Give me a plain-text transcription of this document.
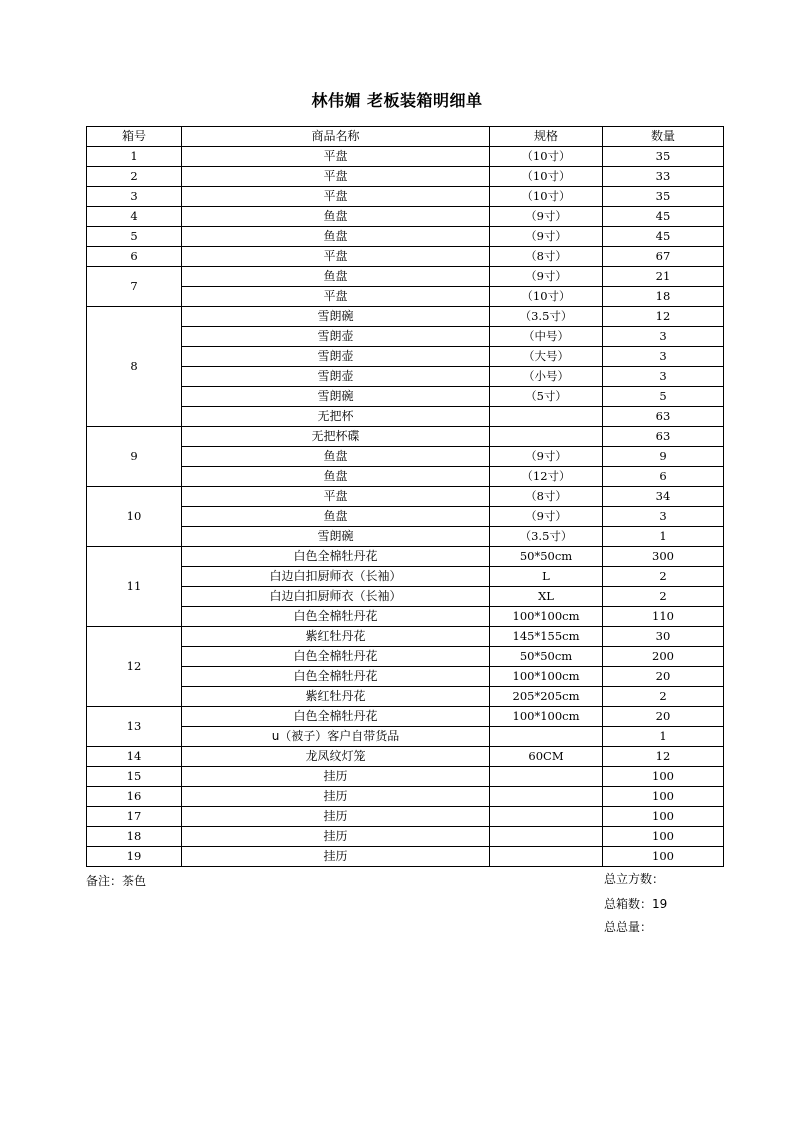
林伟媚 老板装箱明细单
箱号	商品名称	规格	数量
1	平盘	（10寸）	35
2	平盘	（10寸）	33
3	平盘	（10寸）	35
4	鱼盘	（9寸）	45
5	鱼盘	（9寸）	45
6	平盘	（8寸）	67
7	鱼盘	（9寸）	21
	平盘	（10寸）	18
8	雪朗碗	（3.5寸）	12
	雪朗壶	（中号）	3
	雪朗壶	（大号）	3
	雪朗壶	（小号）	3
	雪朗碗	（5寸）	5
	无把杯		63
9	无把杯碟		63
	鱼盘	（9寸）	9
	鱼盘	（12寸）	6
10	平盘	（8寸）	34
	鱼盘	（9寸）	3
	雪朗碗	（3.5寸）	1
11	白色全棉牡丹花	50*50cm	300
	白边白扣厨师衣（长袖）	L	2
	白边白扣厨师衣（长袖）	XL	2
	白色全棉牡丹花	100*100cm	110
12	紫红牡丹花	145*155cm	30
	白色全棉牡丹花	50*50cm	200
	白色全棉牡丹花	100*100cm	20
	紫红牡丹花	205*205cm	2
13	白色全棉牡丹花	100*100cm	20
	u（被子）客户自带货品		1
14	龙凤纹灯笼	60CM	12
15	挂历		100
16	挂历		100
17	挂历		100
18	挂历		100
19	挂历		100
备注：茶色	总立方数：
总箱数：19
总总量：
